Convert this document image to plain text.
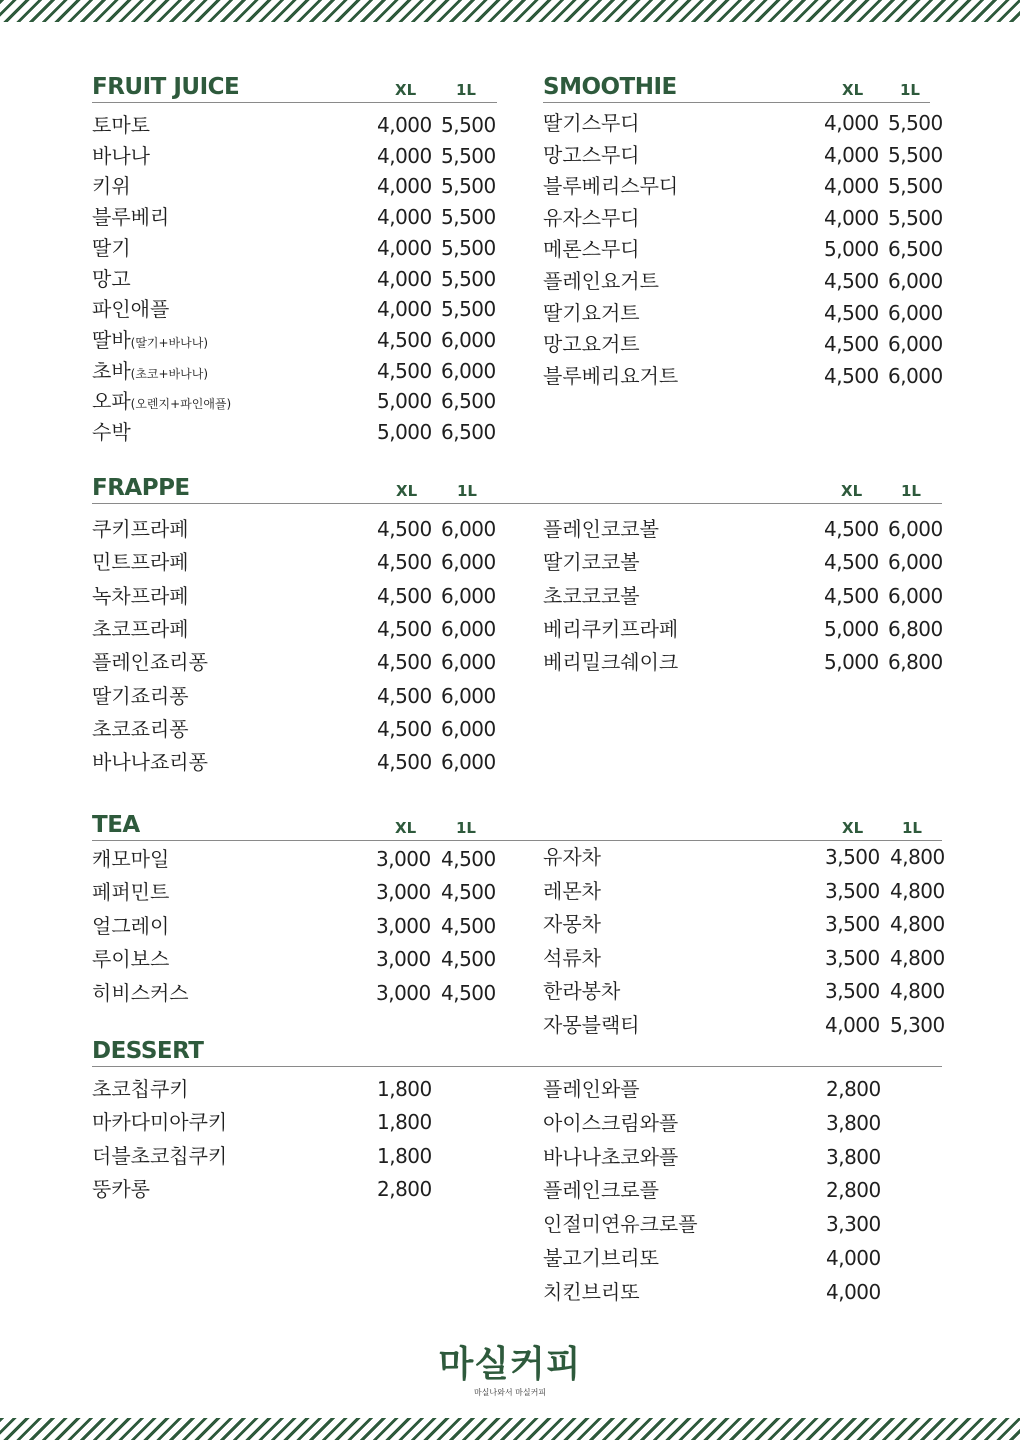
FRUIT JUICE	XL	1L
토마토	4,000 5,500
바나나	4,000 5,500
키위	4,000 5,500
블루베리	4,000 5,500
딸기	4,000 5,500
망고	4,000 5,500
파인애플	4,000 5,500
딸바(딸기+바나나)	4,500 6,000
초바(초코+바나나)	4,500 6,000
오파(오렌지+파인애플)	5,000 6,500
수박	5,000 6,500
SMOOTHIE	XL 1L
딸기스무디	4,000 5,500
망고스무디	4,000 5,500
블루베리스무디	4,000 5,500
유자스무디	4,000 5,500
메론스무디	5,000 6,500
플레인요거트	4,500 6,000
딸기요거트	4,500 6,000
망고요거트	4,500 6,000
블루베리요거트	4,500 6,000
FRAPPE	XL	1L	XL	1L
쿠키프라페	4,500 6,000
민트프라페	4,500 6,000
녹차프라페	4,500 6,000
초코프라페	4,500 6,000
플레인죠리퐁	4,500 6,000
딸기죠리퐁	4,500 6,000
초코죠리퐁	4,500 6,000
바나나죠리퐁	4,500 6,000
플레인코코볼	4,500 6,000
딸기코코볼	4,500 6,000
초코코코볼	4,500 6,000
베리쿠키프라페	5,000 6,800
베리밀크쉐이크	5,000 6,800
TEA	XL	1L	XL	1L
캐모마일	3,000 4,500
페퍼민트	3,000 4,500
얼그레이	3,000 4,500
루이보스	3,000 4,500
히비스커스	3,000 4,500
유자차	3,500 4,800
레몬차	3,500 4,800
자몽차	3,500 4,800
석류차	3,500 4,800
한라봉차	3,500 4,800
자몽블랙티	4,000 5,300
DESSERT
초코칩쿠키	1,800
마카다미아쿠키	1,800
더블초코칩쿠키	1,800
뚱카롱	2,800
플레인와플	2,800
아이스크림와플	3,800
바나나초코와플	3,800
플레인크로플	2,800
인절미연유크로플	3,300
불고기브리또	4,000
치킨브리또	4,000
마실커피
마실나와서 마실커피
